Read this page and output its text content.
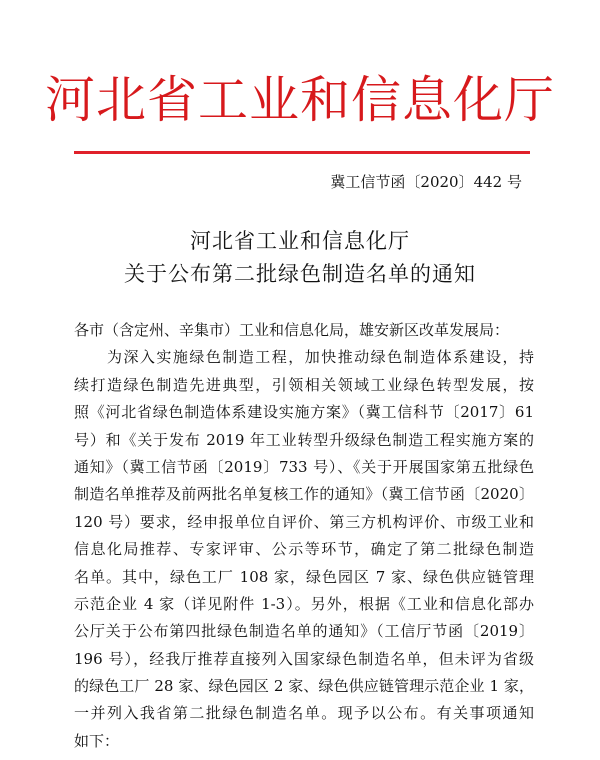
河北省工业和信息化厅
冀工信节函〔2020〕442 号
河北省工业和信息化厅
关于公布第二批绿色制造名单的通知
各市（含定州、辛集市）工业和信息化局，雄安新区改革发展局：
　　为深入实施绿色制造工程，加快推动绿色制造体系建设，持
续打造绿色制造先进典型，引领相关领域工业绿色转型发展，按
照《河北省绿色制造体系建设实施方案》（冀工信科节〔2017〕61
号）和《关于发布 2019 年工业转型升级绿色制造工程实施方案的
通知》（冀工信节函〔2019〕733 号）、《关于开展国家第五批绿色
制造名单推荐及前两批名单复核工作的通知》（冀工信节函〔2020〕
120 号）要求，经申报单位自评价、第三方机构评价、市级工业和
信息化局推荐、专家评审、公示等环节，确定了第二批绿色制造
名单。其中，绿色工厂 108 家，绿色园区 7 家、绿色供应链管理
示范企业 4 家（详见附件 1-3）。另外，根据《工业和信息化部办
公厅关于公布第四批绿色制造名单的通知》（工信厅节函〔2019〕
196 号），经我厅推荐直接列入国家绿色制造名单，但未评为省级
的绿色工厂 28 家、绿色园区 2 家、绿色供应链管理示范企业 1 家，
一并列入我省第二批绿色制造名单。现予以公布。有关事项通知
如下：
